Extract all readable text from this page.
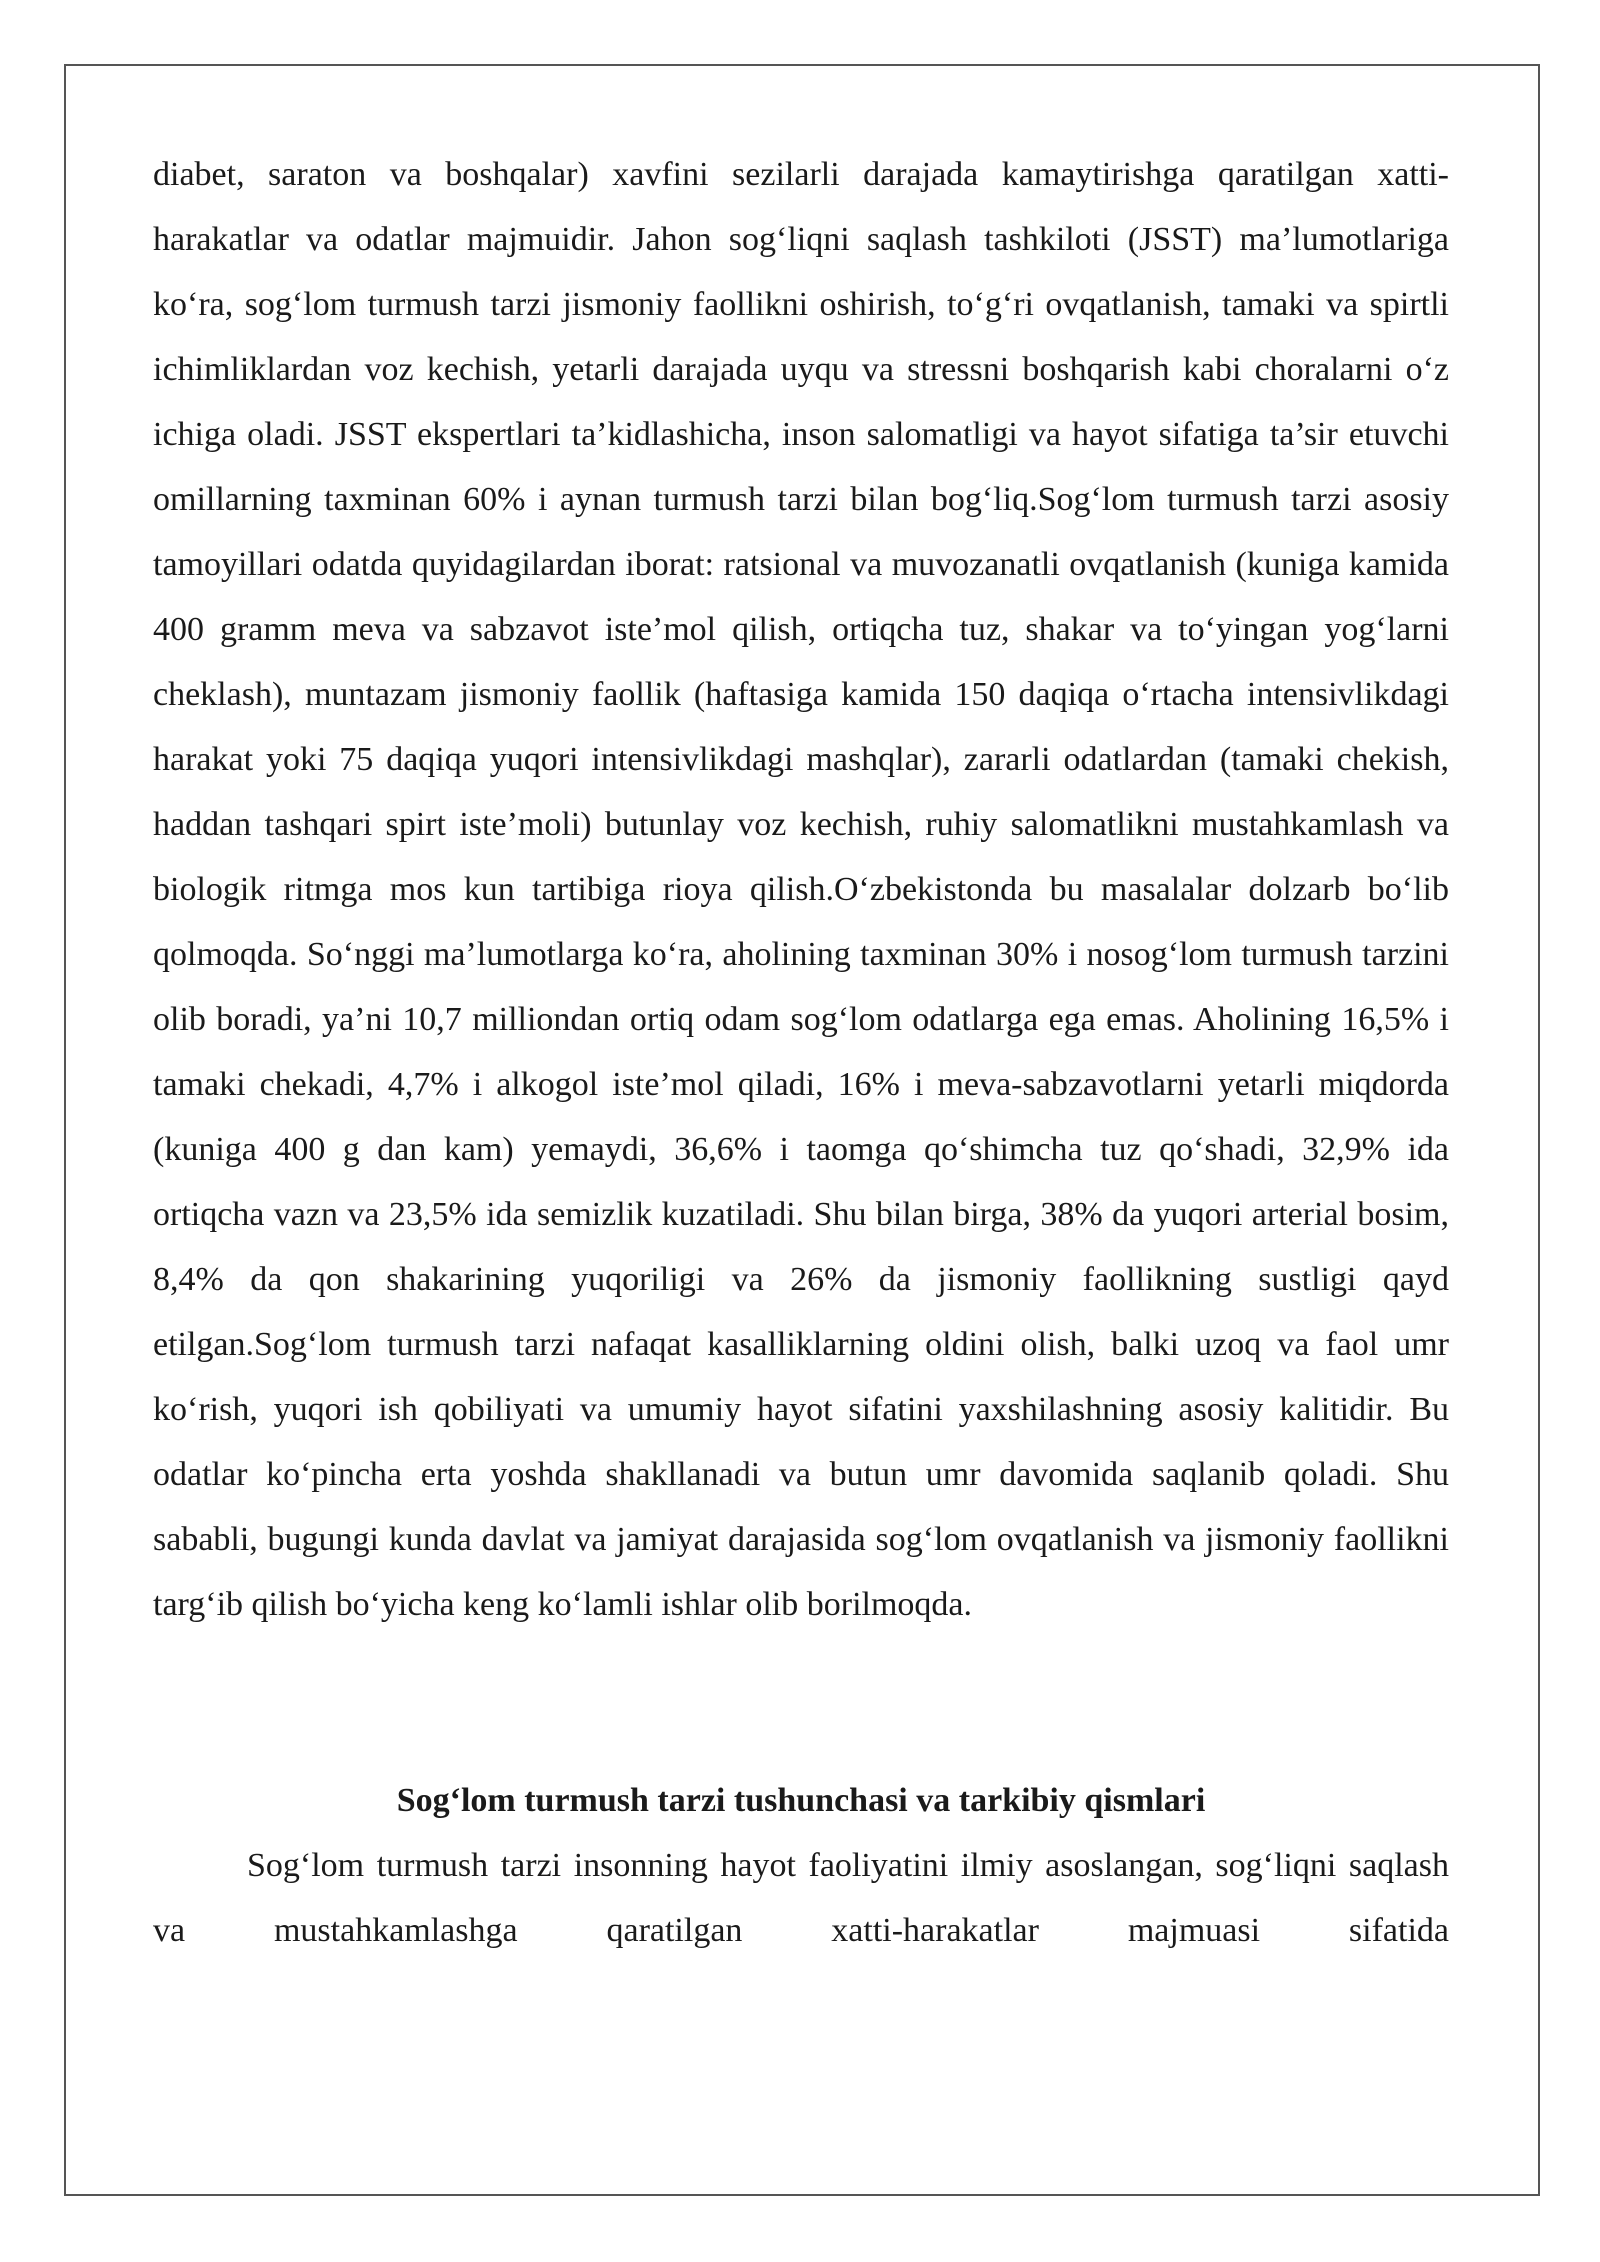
diabet, saraton va boshqalar) xavfini sezilarli darajada kamaytirishga qaratilgan xatti-harakatlar va odatlar majmuidir. Jahon sog‘liqni saqlash tashkiloti (JSST) ma’lumotlariga ko‘ra, sog‘lom turmush tarzi jismoniy faollikni oshirish, to‘g‘ri ovqatlanish, tamaki va spirtli ichimliklardan voz kechish, yetarli darajada uyqu va stressni boshqarish kabi choralarni o‘z ichiga oladi. JSST ekspertlari ta’kidlashicha, inson salomatligi va hayot sifatiga ta’sir etuvchi omillarning taxminan 60% i aynan turmush tarzi bilan bog‘liq.Sog‘lom turmush tarzi asosiy tamoyillari odatda quyidagilardan iborat: ratsional va muvozanatli ovqatlanish (kuniga kamida 400 gramm meva va sabzavot iste’mol qilish, ortiqcha tuz, shakar va to‘yingan yog‘larni cheklash), muntazam jismoniy faollik (haftasiga kamida 150 daqiqa o‘rtacha intensivlikdagi harakat yoki 75 daqiqa yuqori intensivlikdagi mashqlar), zararli odatlardan (tamaki chekish, haddan tashqari spirt iste’moli) butunlay voz kechish, ruhiy salomatlikni mustahkamlash va biologik ritmga mos kun tartibiga rioya qilish.O‘zbekistonda bu masalalar dolzarb bo‘lib qolmoqda. So‘nggi ma’lumotlarga ko‘ra, aholining taxminan 30% i nosog‘lom turmush tarzini olib boradi, ya’ni 10,7 milliondan ortiq odam sog‘lom odatlarga ega emas. Aholining 16,5% i tamaki chekadi, 4,7% i alkogol iste’mol qiladi, 16% i meva-sabzavotlarni yetarli miqdorda (kuniga 400 g dan kam) yemaydi, 36,6% i taomga qo‘shimcha tuz qo‘shadi, 32,9% ida ortiqcha vazn va 23,5% ida semizlik kuzatiladi. Shu bilan birga, 38% da yuqori arterial bosim, 8,4% da qon shakarining yuqoriligi va 26% da jismoniy faollikning sustligi qayd etilgan.Sog‘lom turmush tarzi nafaqat kasalliklarning oldini olish, balki uzoq va faol umr ko‘rish, yuqori ish qobiliyati va umumiy hayot sifatini yaxshilashning asosiy kalitidir. Bu odatlar ko‘pincha erta yoshda shakllanadi va butun umr davomida saqlanib qoladi. Shu sababli, bugungi kunda davlat va jamiyat darajasida sog‘lom ovqatlanish va jismoniy faollikni targ‘ib qilish bo‘yicha keng ko‘lamli ishlar olib borilmoqda.

Sog‘lom turmush tarzi tushunchasi va tarkibiy qismlari

Sog‘lom turmush tarzi insonning hayot faoliyatini ilmiy asoslangan, sog‘liqni saqlash va mustahkamlashga qaratilgan xatti-harakatlar majmuasi sifatida
